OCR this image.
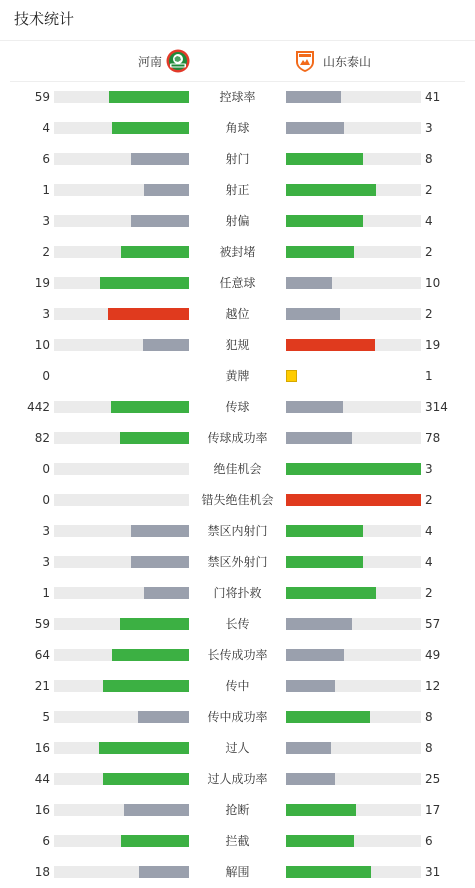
技术统计
河南	山东泰山
59	控球率	41
4	角球	3
6	射门	8
1	射正	2
3	射偏	4
2	被封堵	2
19	任意球	10
3	越位	2
10	犯规	19
0	黄牌	1
442	传球	314
82	传球成功率	78
0	绝佳机会	3
0	错失绝佳机会	2
3	禁区内射门	4
3	禁区外射门	4
1	门将扑救	2
59	长传	57
64	长传成功率	49
21	传中	12
5	传中成功率	8
16	过人	8
44	过人成功率	25
16	抢断	17
6	拦截	6
18	解围	31
